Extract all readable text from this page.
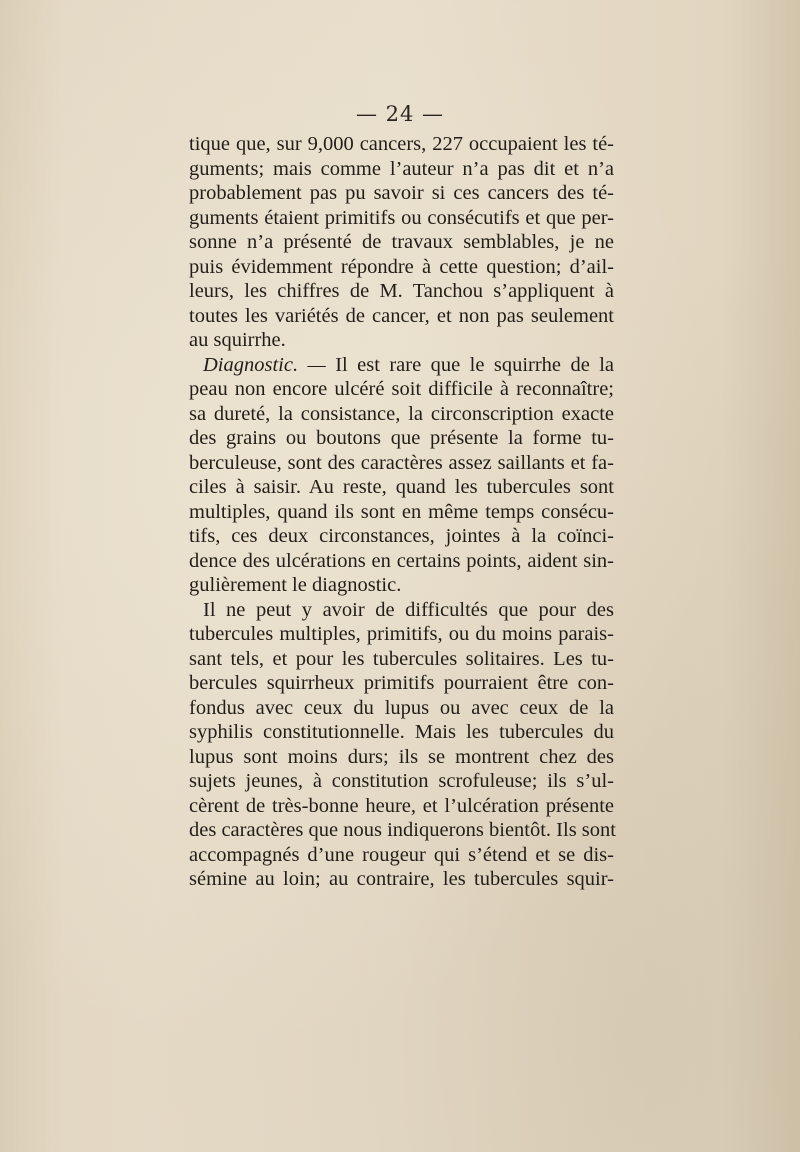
— 24 —
tique que, sur 9,000 cancers, 227 occupaient les té-
guments; mais comme l’auteur n’a pas dit et n’a
probablement pas pu savoir si ces cancers des té-
guments étaient primitifs ou consécutifs et que per-
sonne n’a présenté de travaux semblables, je ne
puis évidemment répondre à cette question; d’ail-
leurs, les chiffres de M. Tanchou s’appliquent à
toutes les variétés de cancer, et non pas seulement
au squirrhe.
Diagnostic. — Il est rare que le squirrhe de la
peau non encore ulcéré soit difficile à reconnaître;
sa dureté, la consistance, la circonscription exacte
des grains ou boutons que présente la forme tu-
berculeuse, sont des caractères assez saillants et fa-
ciles à saisir. Au reste, quand les tubercules sont
multiples, quand ils sont en même temps consécu-
tifs, ces deux circonstances, jointes à la coïnci-
dence des ulcérations en certains points, aident sin-
gulièrement le diagnostic.
Il ne peut y avoir de difficultés que pour des
tubercules multiples, primitifs, ou du moins parais-
sant tels, et pour les tubercules solitaires. Les tu-
bercules squirrheux primitifs pourraient être con-
fondus avec ceux du lupus ou avec ceux de la
syphilis constitutionnelle. Mais les tubercules du
lupus sont moins durs; ils se montrent chez des
sujets jeunes, à constitution scrofuleuse; ils s’ul-
cèrent de très-bonne heure, et l’ulcération présente
des caractères que nous indiquerons bientôt. Ils sont
accompagnés d’une rougeur qui s’étend et se dis-
sémine au loin; au contraire, les tubercules squir-
